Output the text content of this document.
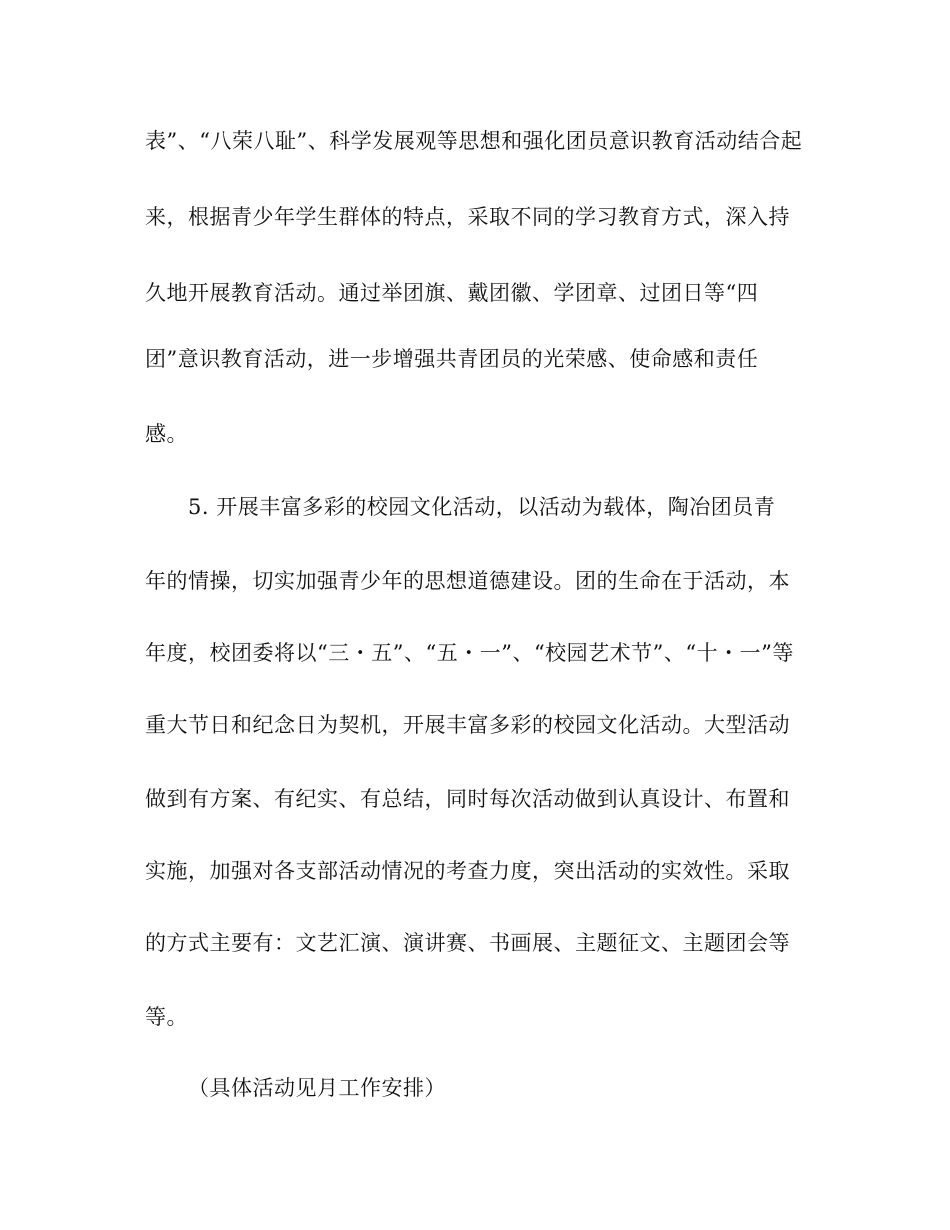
表”、“八荣八耻”、科学发展观等思想和强化团员意识教育活动结合起
来，根据青少年学生群体的特点，采取不同的学习教育方式，深入持
久地开展教育活动。通过举团旗、戴团徽、学团章、过团日等“四
团”意识教育活动，进一步增强共青团员的光荣感、使命感和责任
感。
5. 开展丰富多彩的校园文化活动，以活动为载体，陶冶团员青
年的情操，切实加强青少年的思想道德建设。团的生命在于活动，本
年度，校团委将以“三・五”、“五・一”、“校园艺术节”、“十・一”等
重大节日和纪念日为契机，开展丰富多彩的校园文化活动。大型活动
做到有方案、有纪实、有总结，同时每次活动做到认真设计、布置和
实施，加强对各支部活动情况的考查力度，突出活动的实效性。采取
的方式主要有：文艺汇演、演讲赛、书画展、主题征文、主题团会等
等。
（具体活动见月工作安排）
